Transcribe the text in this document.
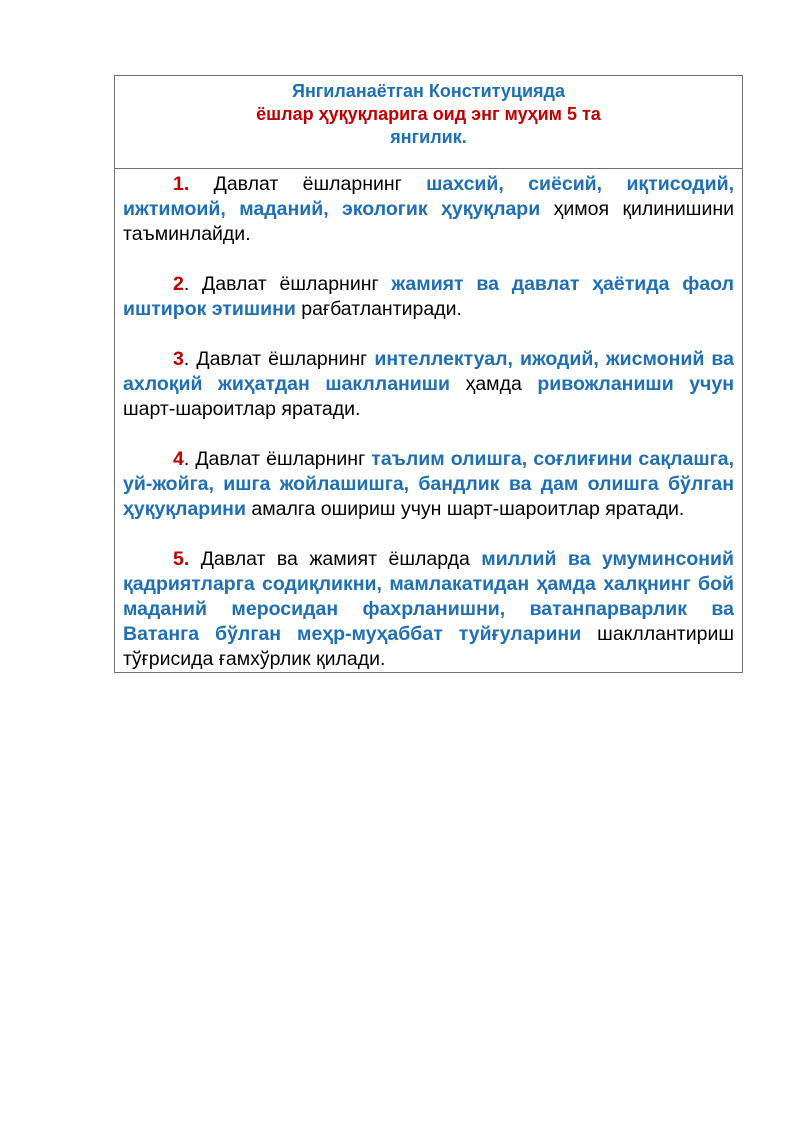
Янгиланаётган Конституцияда
ёшлар ҳуқуқларига оид энг муҳим 5 та
янгилик.

1. Давлат ёшларнинг шахсий, сиёсий, иқтисодий, ижтимоий, маданий, экологик ҳуқуқлари ҳимоя қилинишини таъминлайди.

2. Давлат ёшларнинг жамият ва давлат ҳаётида фаол иштирок этишини рағбатлантиради.

3. Давлат ёшларнинг интеллектуал, ижодий, жисмоний ва ахлоқий жиҳатдан шаклланиши ҳамда ривожланиши учун шарт-шароитлар яратади.

4. Давлат ёшларнинг таълим олишга, соғлиғини сақлашга, уй-жойга, ишга жойлашишга, бандлик ва дам олишга бўлган ҳуқуқларини амалга ошириш учун шарт-шароитлар яратади.

5. Давлат ва жамият ёшларда миллий ва умуминсоний қадриятларга содиқликни, мамлакатидан ҳамда халқнинг бой маданий меросидан фахрланишни, ватанпарварлик ва Ватанга бўлган меҳр-муҳаббат туйғуларини шакллантириш тўғрисида ғамхўрлик қилади.
